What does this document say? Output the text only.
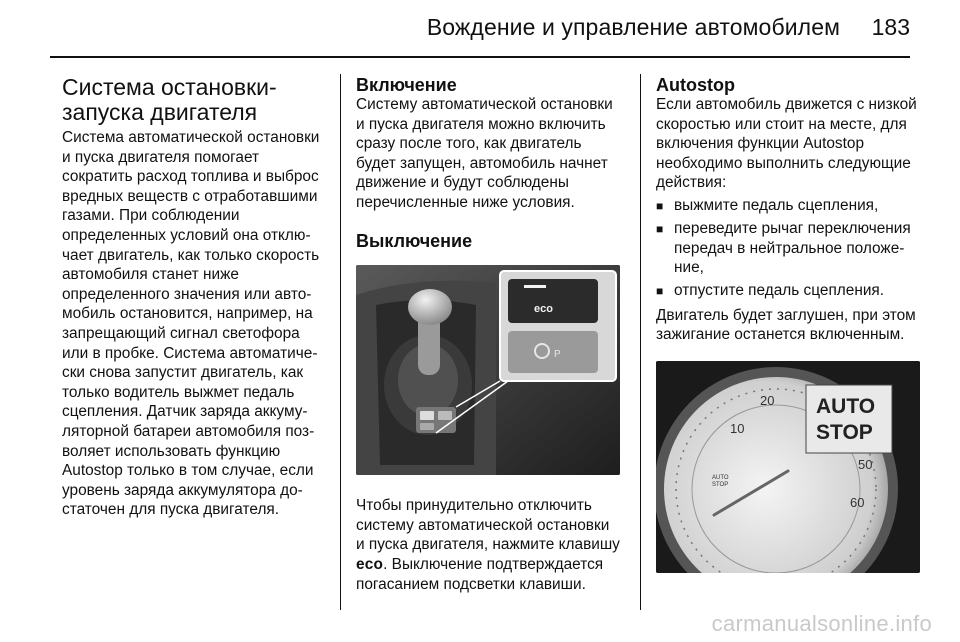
Вождение и управление автомобилем 183
Система остановки-
запуска двигателя

Система автоматической остановки и пуска двигателя помогает сократить расход топлива и выброс вредных веществ с отработавшими газами. При соблюдении определенных условий она отключает двигатель, как только скорость автомобиля станет ниже определенного значения или автомобиль остановится, например, на запрещающий сигнал светофора или в пробке. Система автоматически снова запустит двигатель, как только водитель выжмет педаль сцепления. Датчик заряда аккумуляторной батареи автомобиля позволяет использовать функцию Autostop только в том случае, если уровень заряда аккумулятора достаточен для пуска двигателя.

Включение

Систему автоматической остановки и пуска двигателя можно включить сразу после того, как двигатель будет запущен, автомобиль начнет движение и будут соблюдены перечисленные ниже условия.

Выключение
eco
P

Чтобы принудительно отключить систему автоматической остановки и пуска двигателя, нажмите клавишу eco. Выключение подтверждается погасанием подсветки клавиши.

Autostop

Если автомобиль движется с низкой скоростью или стоит на месте, для включения функции Autostop необходимо выполнить следующие действия:

■ выжмите педаль сцепления,
■ переведите рычаг переключения передач в нейтральное положение,
■ отпустите педаль сцепления.

Двигатель будет заглушен, при этом зажигание останется включенным.

20
10
50
60
AUTO
STOP
AUTO
STOP
carmanualsonline.info
